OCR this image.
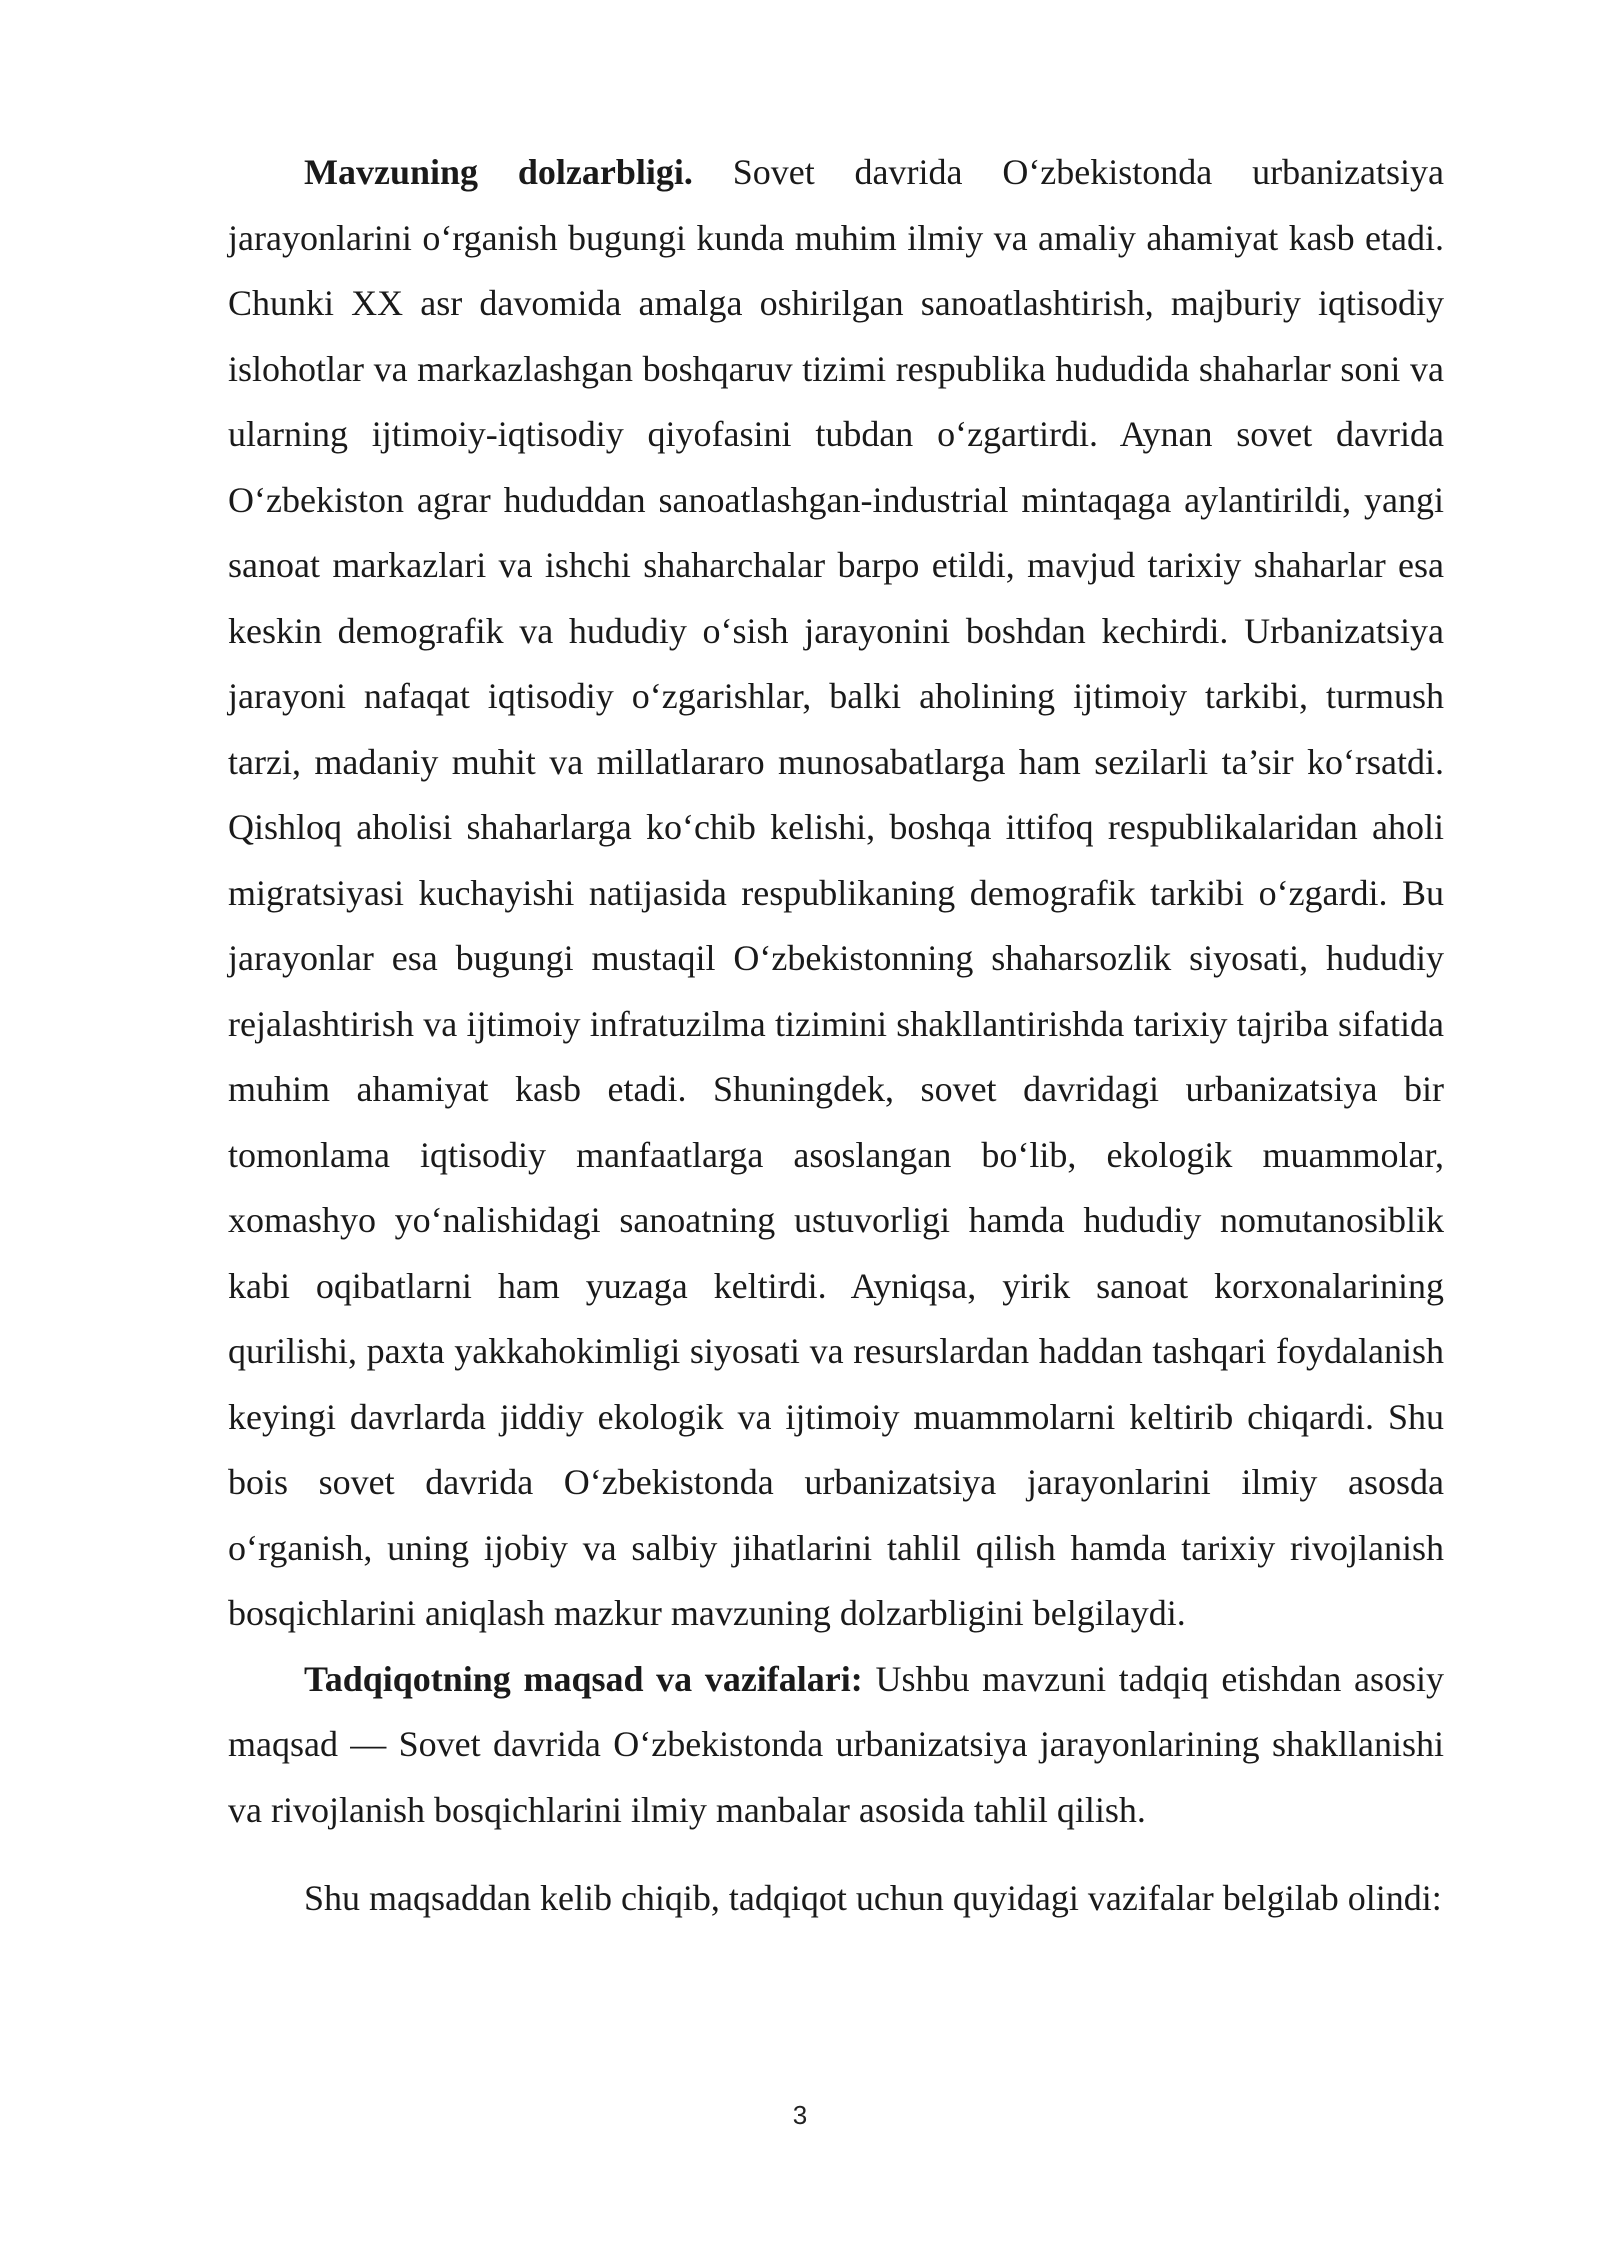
Mavzuning dolzarbligi. Sovet davrida O‘zbekistonda urbanizatsiya jarayonlarini o‘rganish bugungi kunda muhim ilmiy va amaliy ahamiyat kasb etadi. Chunki XX asr davomida amalga oshirilgan sanoatlashtirish, majburiy iqtisodiy islohotlar va markazlashgan boshqaruv tizimi respublika hududida shaharlar soni va ularning ijtimoiy-iqtisodiy qiyofasini tubdan o‘zgartirdi. Aynan sovet davrida O‘zbekiston agrar hududdan sanoatlashgan-industrial mintaqaga aylantirildi, yangi sanoat markazlari va ishchi shaharchalar barpo etildi, mavjud tarixiy shaharlar esa keskin demografik va hududiy o‘sish jarayonini boshdan kechirdi. Urbanizatsiya jarayoni nafaqat iqtisodiy o‘zgarishlar, balki aholining ijtimoiy tarkibi, turmush tarzi, madaniy muhit va millatlararo munosabatlarga ham sezilarli ta’sir ko‘rsatdi. Qishloq aholisi shaharlarga ko‘chib kelishi, boshqa ittifoq respublikalaridan aholi migratsiyasi kuchayishi natijasida respublikaning demografik tarkibi o‘zgardi. Bu jarayonlar esa bugungi mustaqil O‘zbekistonning shaharsozlik siyosati, hududiy rejalashtirish va ijtimoiy infratuzilma tizimini shakllantirishda tarixiy tajriba sifatida muhim ahamiyat kasb etadi. Shuningdek, sovet davridagi urbanizatsiya bir tomonlama iqtisodiy manfaatlarga asoslangan bo‘lib, ekologik muammolar, xomashyo yo‘nalishidagi sanoatning ustuvorligi hamda hududiy nomutanosiblik kabi oqibatlarni ham yuzaga keltirdi. Ayniqsa, yirik sanoat korxonalarining qurilishi, paxta yakkahokimligi siyosati va resurslardan haddan tashqari foydalanish keyingi davrlarda jiddiy ekologik va ijtimoiy muammolarni keltirib chiqardi. Shu bois sovet davrida O‘zbekistonda urbanizatsiya jarayonlarini ilmiy asosda o‘rganish, uning ijobiy va salbiy jihatlarini tahlil qilish hamda tarixiy rivojlanish bosqichlarini aniqlash mazkur mavzuning dolzarbligini belgilaydi.

Tadqiqotning maqsad va vazifalari: Ushbu mavzuni tadqiq etishdan asosiy maqsad — Sovet davrida O‘zbekistonda urbanizatsiya jarayonlarining shakllanishi va rivojlanish bosqichlarini ilmiy manbalar asosida tahlil qilish.

Shu maqsaddan kelib chiqib, tadqiqot uchun quyidagi vazifalar belgilab olindi:

3
